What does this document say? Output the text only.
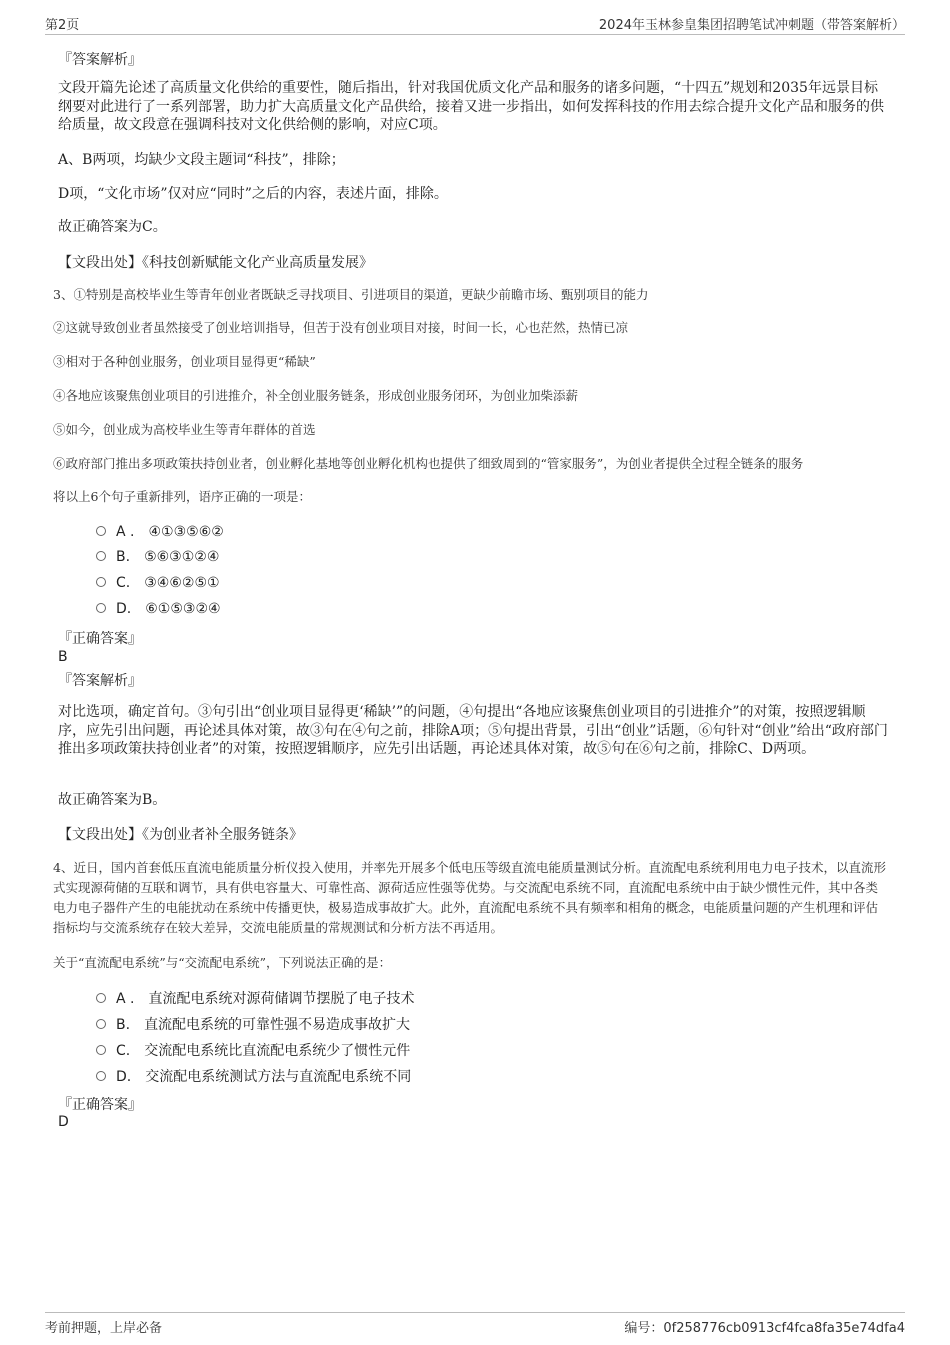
第2页	2024年玉林参皇集团招聘笔试冲刺题（带答案解析）
『答案解析』
文段开篇先论述了高质量文化供给的重要性，随后指出，针对我国优质文化产品和服务的诸多问题，“十四五”规划和2035年远景目标纲要对此进行了一系列部署，助力扩大高质量文化产品供给，接着又进一步指出，如何发挥科技的作用去综合提升文化产品和服务的供给质量，故文段意在强调科技对文化供给侧的影响，对应C项。
A、B两项，均缺少文段主题词“科技”，排除；
D项，“文化市场”仅对应“同时”之后的内容，表述片面，排除。
故正确答案为C。
【文段出处】《科技创新赋能文化产业高质量发展》
3、①特别是高校毕业生等青年创业者既缺乏寻找项目、引进项目的渠道，更缺少前瞻市场、甄别项目的能力
②这就导致创业者虽然接受了创业培训指导，但苦于没有创业项目对接，时间一长，心也茫然，热情已凉
③相对于各种创业服务，创业项目显得更“稀缺”
④各地应该聚焦创业项目的引进推介，补全创业服务链条，形成创业服务闭环，为创业加柴添薪
⑤如今，创业成为高校毕业生等青年群体的首选
⑥政府部门推出多项政策扶持创业者，创业孵化基地等创业孵化机构也提供了细致周到的“管家服务”，为创业者提供全过程全链条的服务
将以上6个句子重新排列，语序正确的一项是：
A . ④①③⑤⑥②
B. ⑤⑥③①②④
C. ③④⑥②⑤①
D. ⑥①⑤③②④
『正确答案』
B
『答案解析』
对比选项，确定首句。③句引出“创业项目显得更‘稀缺’”的问题，④句提出“各地应该聚焦创业项目的引进推介”的对策，按照逻辑顺序，应先引出问题，再论述具体对策，故③句在④句之前，排除A项；⑤句提出背景，引出“创业”话题，⑥句针对“创业”给出“政府部门推出多项政策扶持创业者”的对策，按照逻辑顺序，应先引出话题，再论述具体对策，故⑤句在⑥句之前，排除C、D两项。
故正确答案为B。
【文段出处】《为创业者补全服务链条》
4、近日，国内首套低压直流电能质量分析仪投入使用，并率先开展多个低电压等级直流电能质量测试分析。直流配电系统利用电力电子技术，以直流形式实现源荷储的互联和调节，具有供电容量大、可靠性高、源荷适应性强等优势。与交流配电系统不同，直流配电系统中由于缺少惯性元件，其中各类电力电子器件产生的电能扰动在系统中传播更快，极易造成事故扩大。此外，直流配电系统不具有频率和相角的概念，电能质量问题的产生机理和评估指标均与交流系统存在较大差异，交流电能质量的常规测试和分析方法不再适用。
关于“直流配电系统”与“交流配电系统”，下列说法正确的是：
A . 直流配电系统对源荷储调节摆脱了电子技术
B. 直流配电系统的可靠性强不易造成事故扩大
C. 交流配电系统比直流配电系统少了惯性元件
D. 交流配电系统测试方法与直流配电系统不同
『正确答案』
D
考前押题，上岸必备	编号：0f258776cb0913cf4fca8fa35e74dfa4
